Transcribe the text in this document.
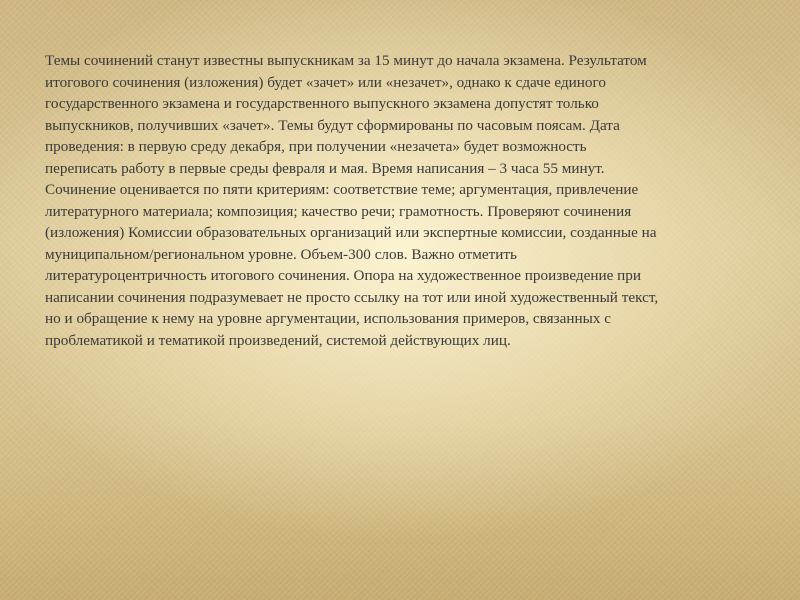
Темы сочинений станут известны выпускникам за 15 минут до начала экзамена. Результатом
итогового сочинения (изложения) будет «зачет» или «незачет», однако к сдаче единого
государственного экзамена и государственного выпускного экзамена допустят только
выпускников, получивших «зачет». Темы будут сформированы по часовым поясам. Дата
проведения: в первую среду декабря, при получении «незачета» будет возможность
переписать работу в первые среды февраля и мая. Время написания – 3 часа 55 минут.
Сочинение оценивается по пяти критериям: соответствие теме; аргументация, привлечение
литературного материала; композиция; качество речи; грамотность. Проверяют сочинения
(изложения) Комиссии образовательных организаций или экспертные комиссии, созданные на
муниципальном/региональном уровне. Объем-300 слов. Важно отметить
литературоцентричность итогового сочинения. Опора на художественное произведение при
написании сочинения подразумевает не просто ссылку на тот или иной художественный текст,
но и обращение к нему на уровне аргументации, использования примеров, связанных с
проблематикой и тематикой произведений, системой действующих лиц.
